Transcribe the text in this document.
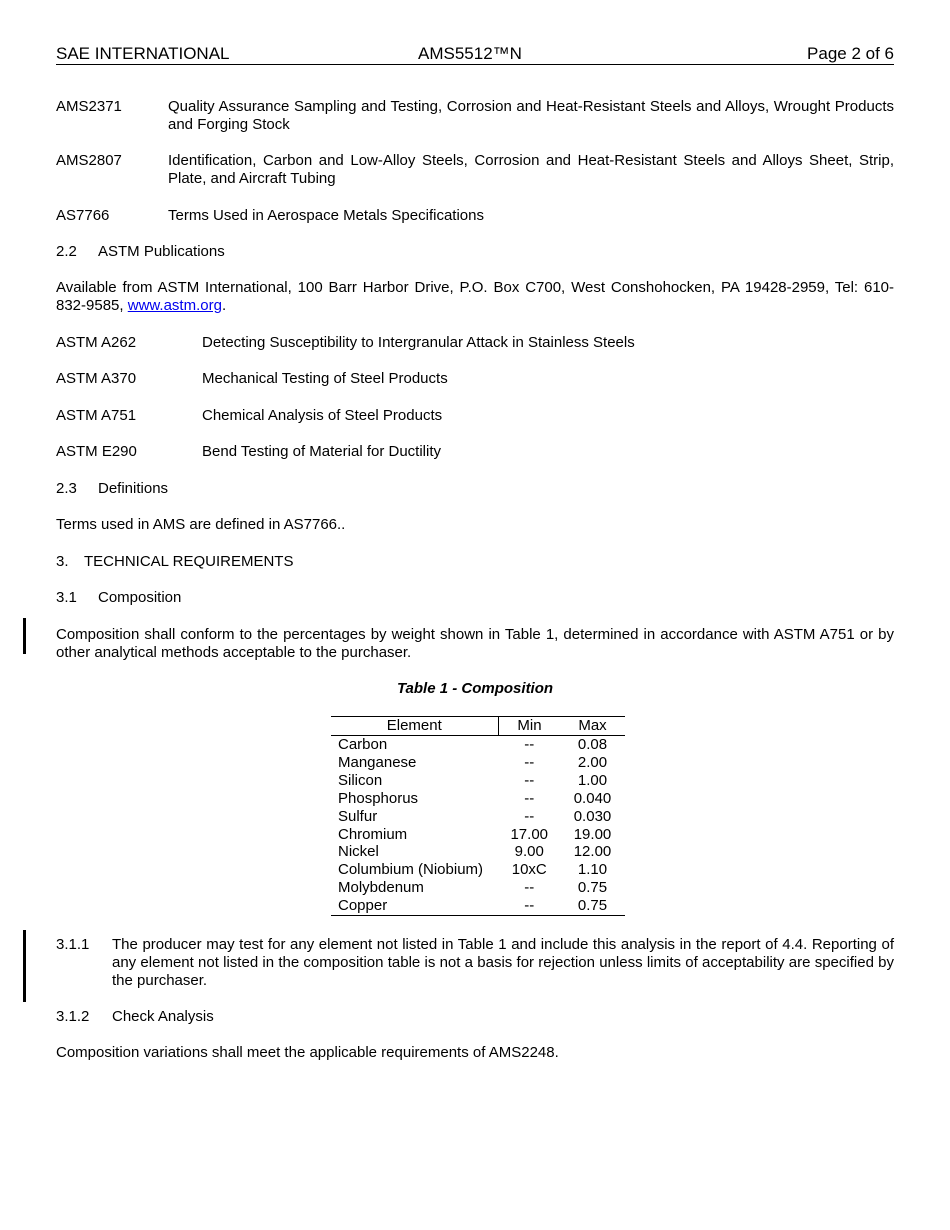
SAE INTERNATIONAL	AMS5512™N	Page 2 of 6
AMS2371	Quality Assurance Sampling and Testing, Corrosion and Heat-Resistant Steels and Alloys, Wrought Products and Forging Stock
AMS2807	Identification, Carbon and Low-Alloy Steels, Corrosion and Heat-Resistant Steels and Alloys Sheet, Strip, Plate, and Aircraft Tubing
AS7766	Terms Used in Aerospace Metals Specifications
2.2 ASTM Publications
Available from ASTM International, 100 Barr Harbor Drive, P.O. Box C700, West Conshohocken, PA 19428-2959, Tel: 610-832-9585, www.astm.org.
ASTM A262	Detecting Susceptibility to Intergranular Attack in Stainless Steels
ASTM A370	Mechanical Testing of Steel Products
ASTM A751	Chemical Analysis of Steel Products
ASTM E290	Bend Testing of Material for Ductility
2.3 Definitions
Terms used in AMS are defined in AS7766..
3. TECHNICAL REQUIREMENTS
3.1 Composition
Composition shall conform to the percentages by weight shown in Table 1, determined in accordance with ASTM A751 or by other analytical methods acceptable to the purchaser.
Table 1 - Composition
Element	Min	Max
Carbon	--	0.08
Manganese	--	2.00
Silicon	--	1.00
Phosphorus	--	0.040
Sulfur	--	0.030
Chromium	17.00	19.00
Nickel	9.00	12.00
Columbium (Niobium)	10xC	1.10
Molybdenum	--	0.75
Copper	--	0.75
3.1.1 The producer may test for any element not listed in Table 1 and include this analysis in the report of 4.4. Reporting of any element not listed in the composition table is not a basis for rejection unless limits of acceptability are specified by the purchaser.
3.1.2 Check Analysis
Composition variations shall meet the applicable requirements of AMS2248.
